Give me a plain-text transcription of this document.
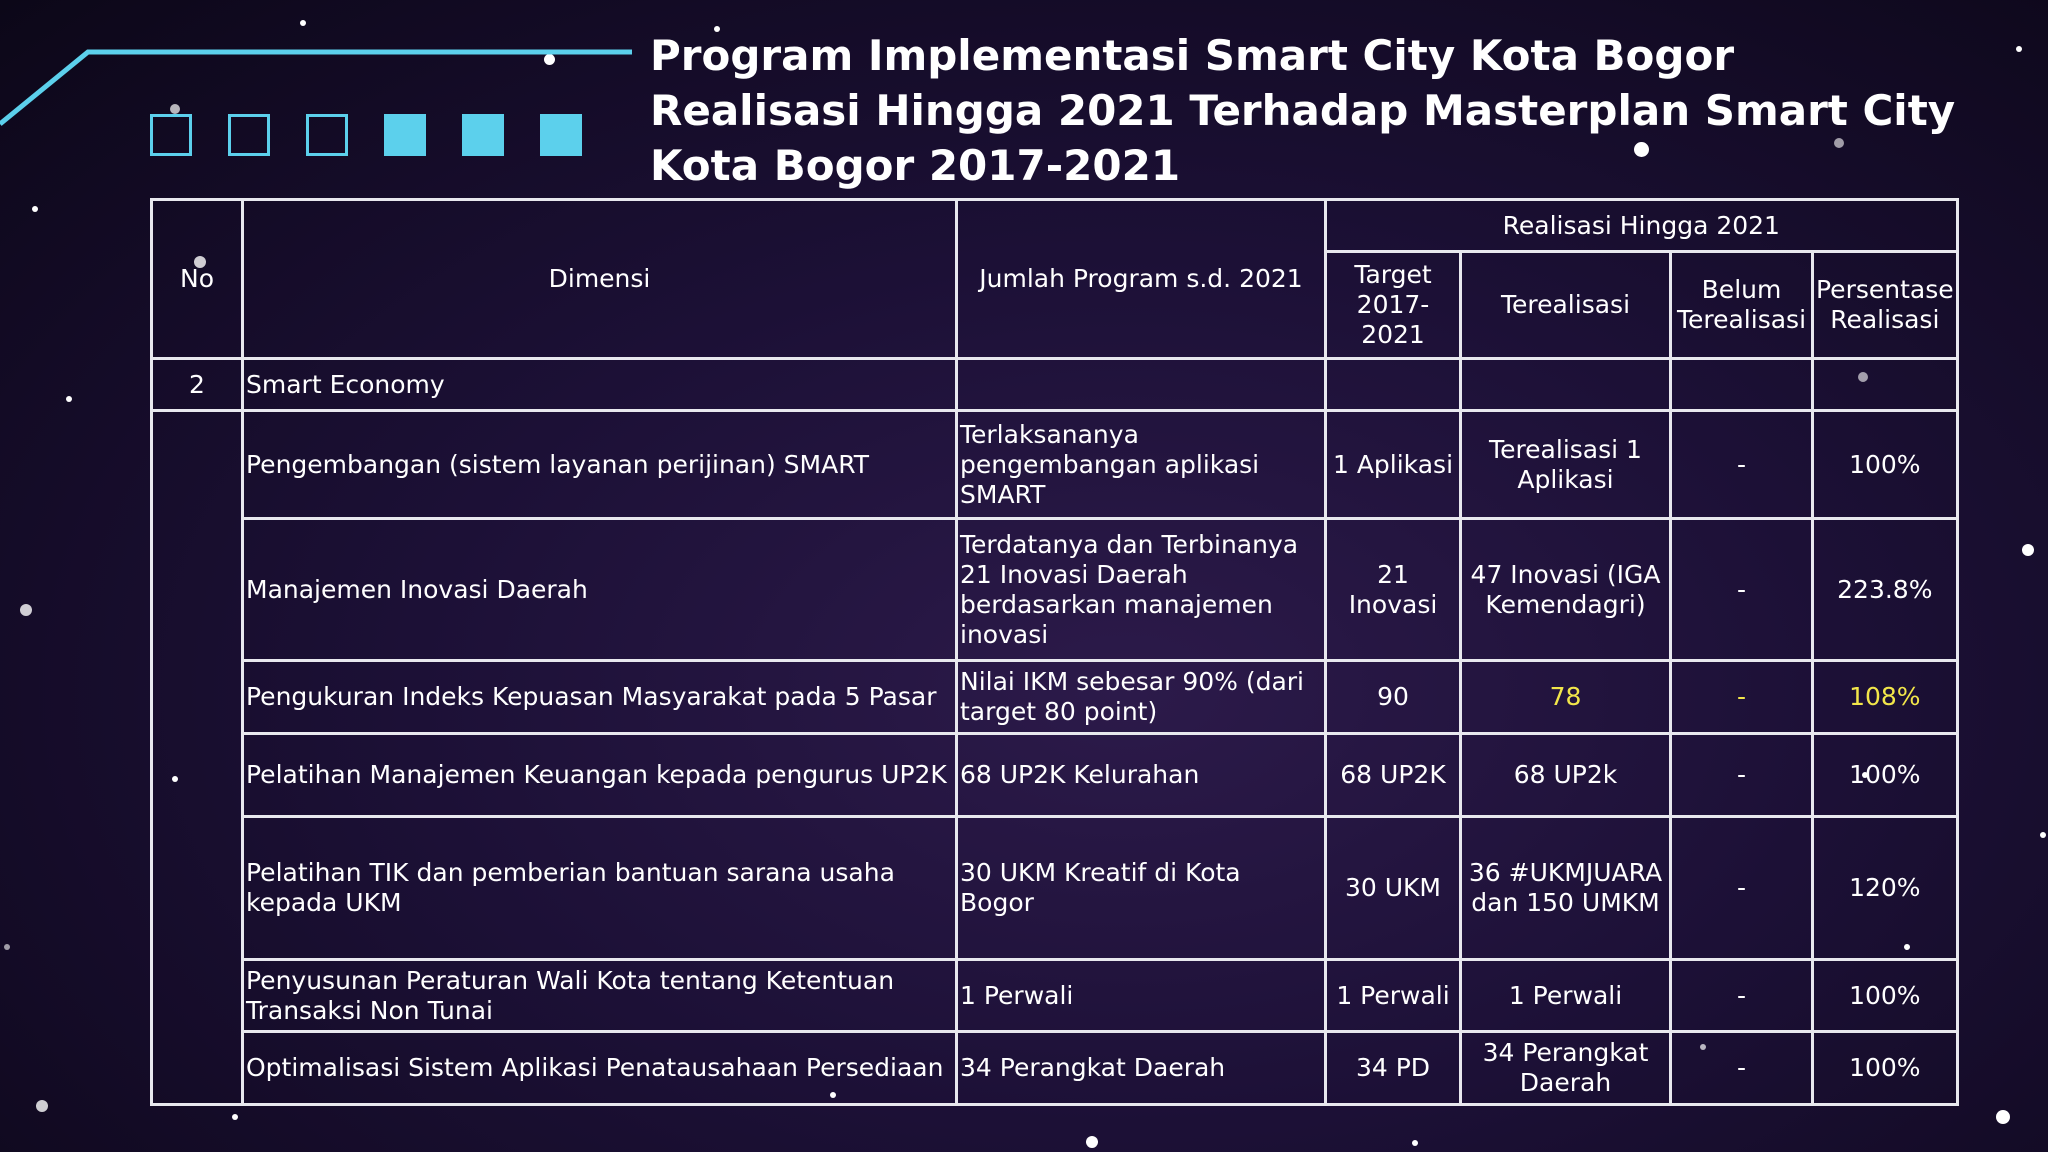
Program Implementasi Smart City Kota Bogor
Realisasi Hingga 2021 Terhadap Masterplan Smart City
Kota Bogor 2017-2021
No	Dimensi	Jumlah Program s.d. 2021	Realisasi Hingga 2021			
			Target 2017-2021	Terealisasi	Belum Terealisasi	Persentase Realisasi
2	Smart Economy					
	Pengembangan (sistem layanan perijinan) SMART	Terlaksananya pengembangan aplikasi SMART	1 Aplikasi	Terealisasi 1 Aplikasi	-	100%
	Manajemen Inovasi Daerah	Terdatanya dan Terbinanya 21 Inovasi Daerah berdasarkan manajemen inovasi	21 Inovasi	47 Inovasi (IGA Kemendagri)	-	223.8%
	Pengukuran Indeks Kepuasan Masyarakat pada 5 Pasar	Nilai IKM sebesar 90% (dari target 80 point)	90	78	-	108%
	Pelatihan Manajemen Keuangan kepada pengurus UP2K	68 UP2K Kelurahan	68 UP2K	68 UP2k	-	100%
	Pelatihan TIK dan pemberian bantuan sarana usaha kepada UKM	30 UKM Kreatif di Kota Bogor	30 UKM	36 #UKMJUARA dan 150 UMKM	-	120%
	Penyusunan Peraturan Wali Kota tentang Ketentuan Transaksi Non Tunai	1 Perwali	1 Perwali	1 Perwali	-	100%
	Optimalisasi Sistem Aplikasi Penatausahaan Persediaan	34 Perangkat Daerah	34 PD	34 Perangkat Daerah	-	100%
